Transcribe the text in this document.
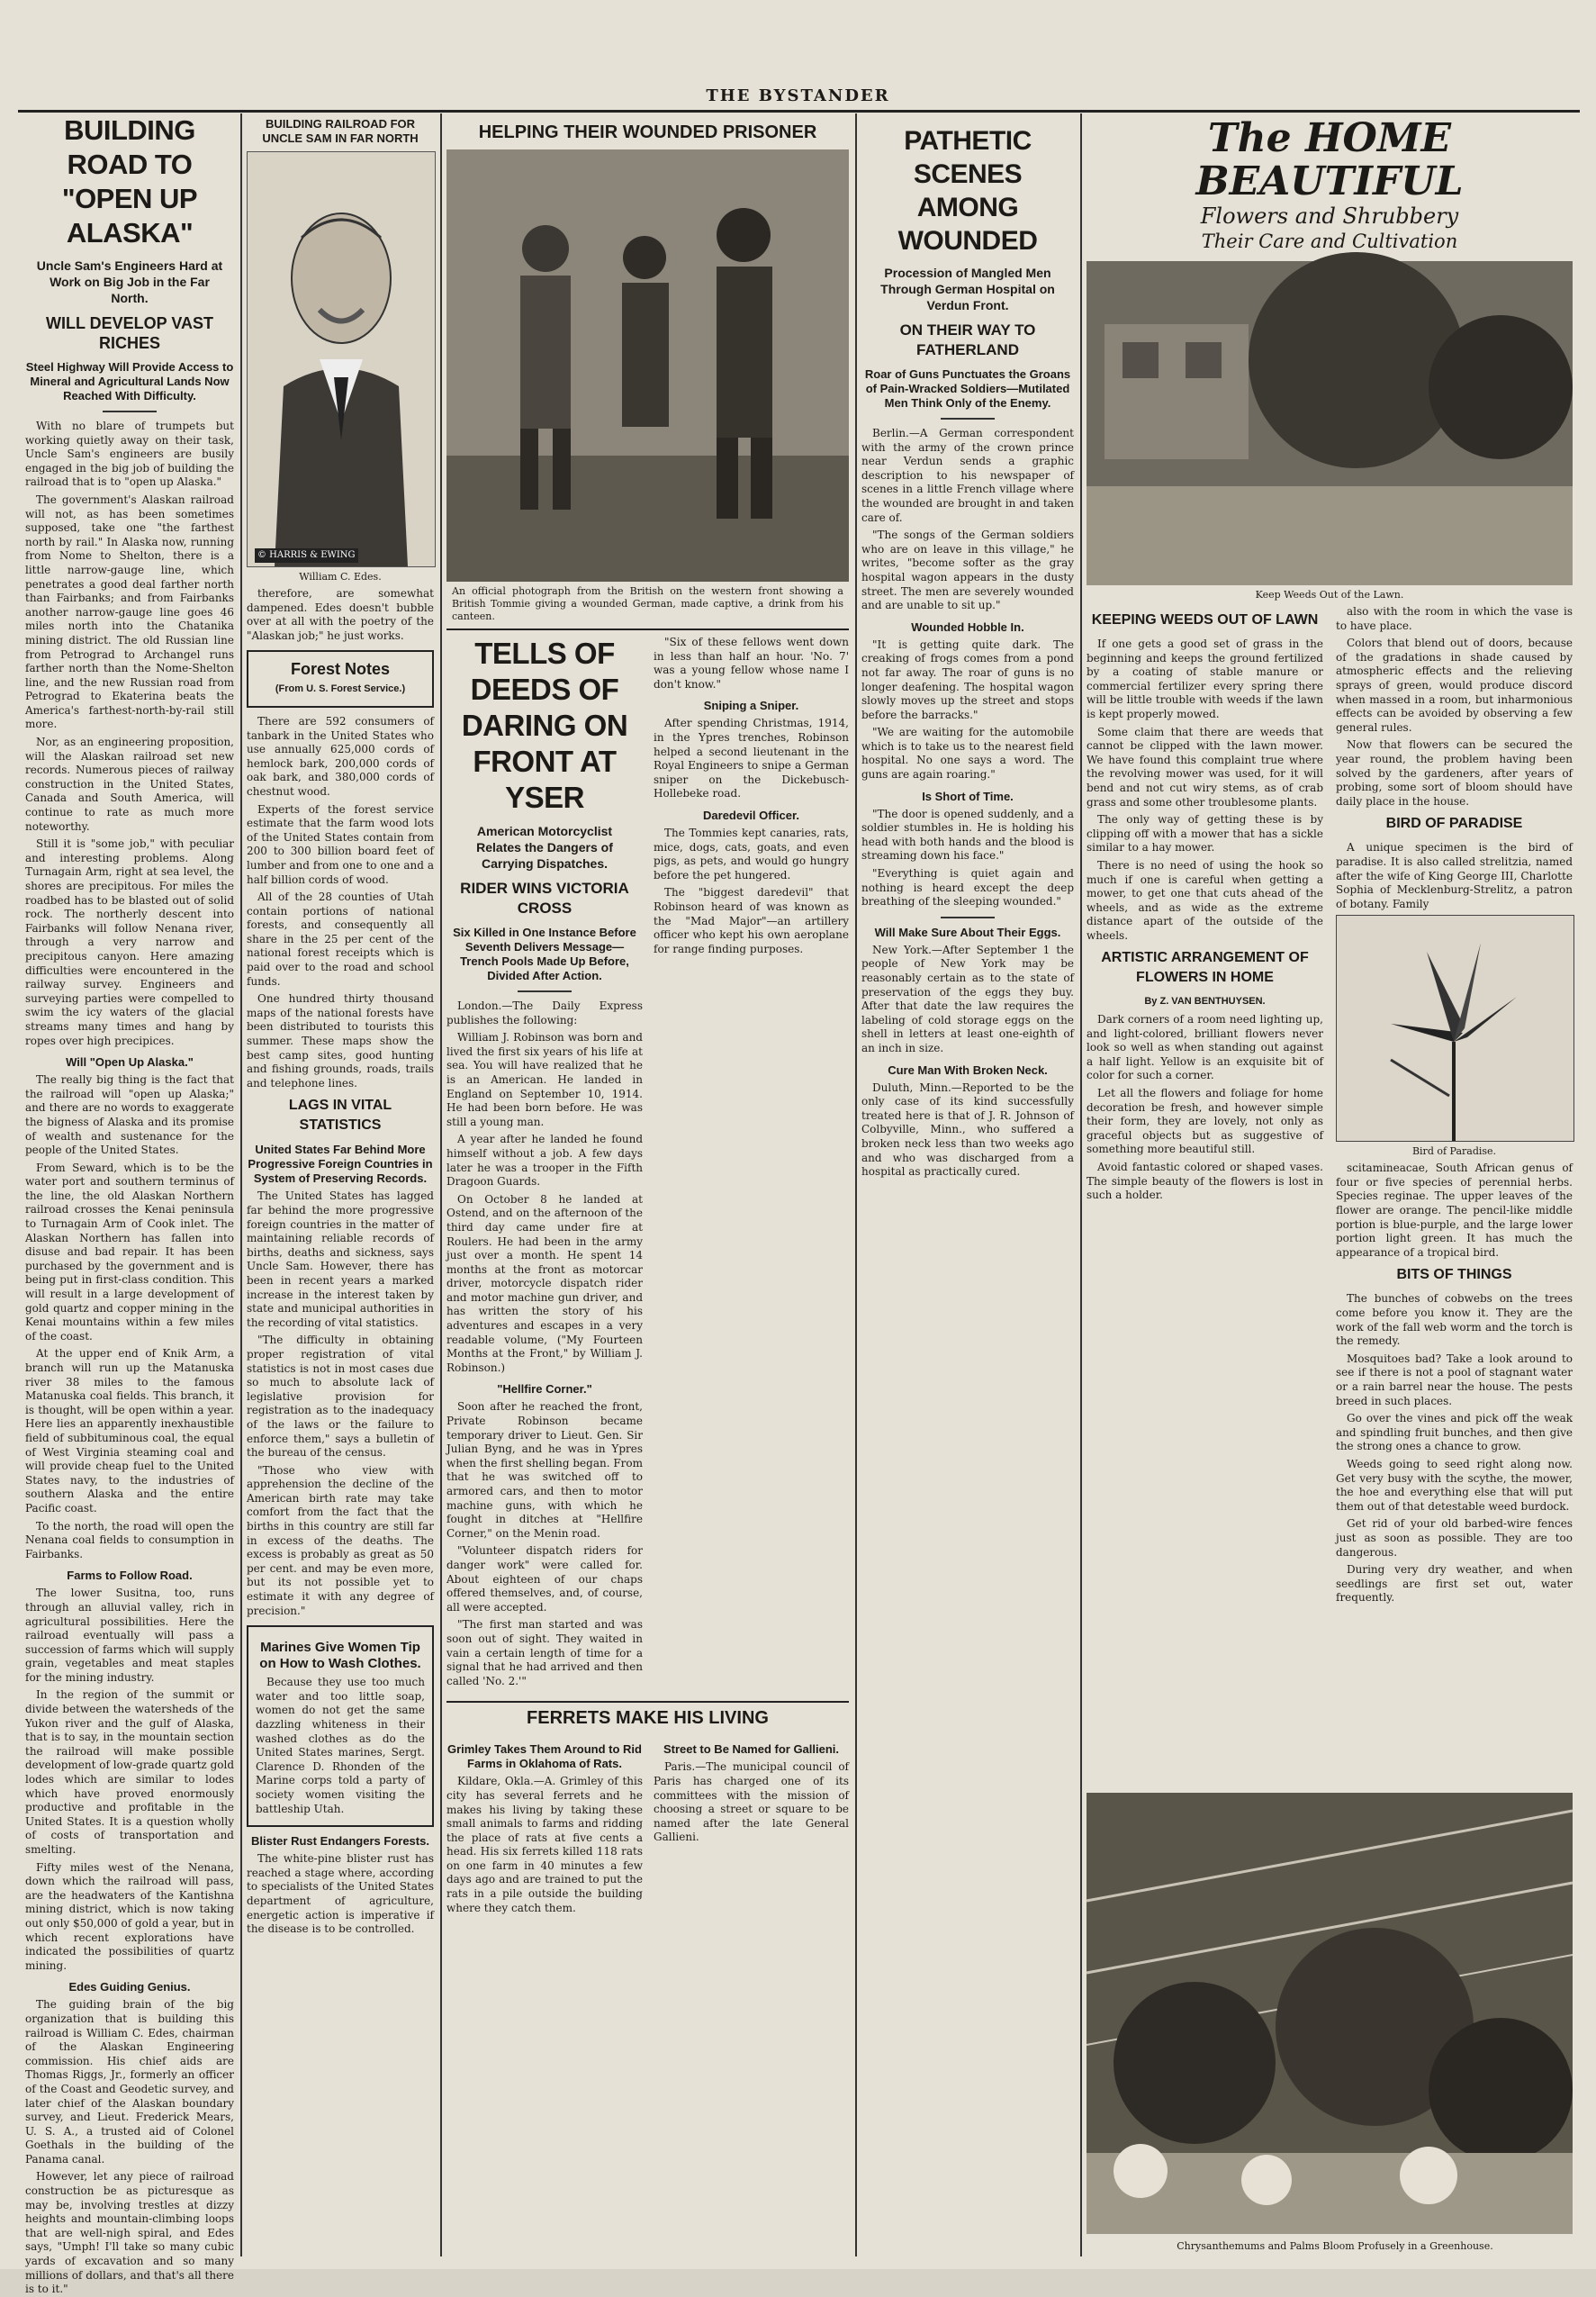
THE BYSTANDER
BUILDING ROAD TO "OPEN UP ALASKA"
Uncle Sam's Engineers Hard at Work on Big Job in the Far North.
WILL DEVELOP VAST RICHES
Steel Highway Will Provide Access to Mineral and Agricultural Lands Now Reached With Difficulty.

With no blare of trumpets but working quietly away on their task, Uncle Sam's engineers are busily engaged in the big job of building the railroad that is to "open up Alaska."

The government's Alaskan railroad will not, as has been sometimes supposed, take one "the farthest north by rail." In Alaska now, running from Nome to Shelton, there is a little narrow-gauge line, which penetrates a good deal farther north than Fairbanks; and from Fairbanks another narrow-gauge line goes 46 miles north into the Chatanika mining district. The old Russian line from Petrograd to Archangel runs farther north than the Nome-Shelton line, and the new Russian road from Petrograd to Ekaterina beats the America's farthest-north-by-rail still more.

Nor, as an engineering proposition, will the Alaskan railroad set new records. Numerous pieces of railway construction in the United States, Canada and South America, will continue to rate as much more noteworthy.

Still it is "some job," with peculiar and interesting problems. Along Turnagain Arm, right at sea level, the shores are precipitous. For miles the roadbed has to be blasted out of solid rock. The northerly descent into Fairbanks will follow Nenana river, through a very narrow and precipitous canyon. Here amazing difficulties were encountered in the railway survey. Engineers and surveying parties were compelled to swim the icy waters of the glacial streams many times and hang by ropes over high precipices.

Will "Open Up Alaska."

The really big thing is the fact that the railroad will "open up Alaska;" and there are no words to exaggerate the bigness of Alaska and its promise of wealth and sustenance for the people of the United States.

From Seward, which is to be the water port and southern terminus of the line, the old Alaskan Northern railroad crosses the Kenai peninsula to Turnagain Arm of Cook inlet. The Alaskan Northern has fallen into disuse and bad repair. It has been purchased by the government and is being put in first-class condition. This will result in a large development of gold quartz and copper mining in the Kenai mountains within a few miles of the coast.

At the upper end of Knik Arm, a branch will run up the Matanuska river 38 miles to the famous Matanuska coal fields. This branch, it is thought, will be open within a year. Here lies an apparently inexhaustible field of subbituminous coal, the equal of West Virginia steaming coal and will provide cheap fuel to the United States navy, to the industries of southern Alaska and the entire Pacific coast.

To the north, the road will open the Nenana coal fields to consumption in Fairbanks.

Farms to Follow Road.

The lower Susitna, too, runs through an alluvial valley, rich in agricultural possibilities. Here the railroad eventually will pass a succession of farms which will supply grain, vegetables and meat staples for the mining industry.

In the region of the summit or divide between the watersheds of the Yukon river and the gulf of Alaska, that is to say, in the mountain section the railroad will make possible development of low-grade quartz gold lodes which are similar to lodes which have proved enormously productive and profitable in the United States. It is a question wholly of costs of transportation and smelting.

Fifty miles west of the Nenana, down which the railroad will pass, are the headwaters of the Kantishna mining district, which is now taking out only $50,000 of gold a year, but in which recent explorations have indicated the possibilities of quartz mining.

Edes Guiding Genius.

The guiding brain of the big organization that is building this railroad is William C. Edes, chairman of the Alaskan Engineering commission. His chief aids are Thomas Riggs, Jr., formerly an officer of the Coast and Geodetic survey, and later chief of the Alaskan boundary survey, and Lieut. Frederick Mears, U. S. A., a trusted aid of Colonel Goethals in the building of the Panama canal.

However, let any piece of railroad construction be as picturesque as may be, involving trestles at dizzy heights and mountain-climbing loops that are well-nigh spiral, and Edes says, "Umph! I'll take so many cubic yards of excavation and so many millions of dollars, and that's all there is to it."

BUILDING RAILROAD FOR UNCLE SAM IN FAR NORTH
© HARRIS & EWING
William C. Edes.

therefore, are somewhat dampened. Edes doesn't bubble over at all with the poetry of the "Alaskan job;" he just works.

Forest Notes
(From U. S. Forest Service.)

There are 592 consumers of tanbark in the United States who use annually 625,000 cords of hemlock bark, 200,000 cords of oak bark, and 380,000 cords of chestnut wood.

Experts of the forest service estimate that the farm wood lots of the United States contain from 200 to 300 billion board feet of lumber and from one to one and a half billion cords of wood.

All of the 28 counties of Utah contain portions of national forests, and consequently all share in the 25 per cent of the national forest receipts which is paid over to the road and school funds.

One hundred thirty thousand maps of the national forests have been distributed to tourists this summer. These maps show the best camp sites, good hunting and fishing grounds, roads, trails and telephone lines.

LAGS IN VITAL STATISTICS
United States Far Behind More Progressive Foreign Countries in System of Preserving Records.

The United States has lagged far behind the more progressive foreign countries in the matter of maintaining reliable records of births, deaths and sickness, says Uncle Sam. However, there has been in recent years a marked increase in the interest taken by state and municipal authorities in the recording of vital statistics.

"The difficulty in obtaining proper registration of vital statistics is not in most cases due so much to absolute lack of legislative provision for registration as to the inadequacy of the laws or the failure to enforce them," says a bulletin of the bureau of the census.

"Those who view with apprehension the decline of the American birth rate may take comfort from the fact that the births in this country are still far in excess of the deaths. The excess is probably as great as 50 per cent. and may be even more, but its not possible yet to estimate it with any degree of precision."

Marines Give Women Tip on How to Wash Clothes.

Because they use too much water and too little soap, women do not get the same dazzling whiteness in their washed clothes as do the United States marines, Sergt. Clarence D. Rhonden of the Marine corps told a party of society women visiting the battleship Utah.

Blister Rust Endangers Forests.

The white-pine blister rust has reached a stage where, according to specialists of the United States department of agriculture, energetic action is imperative if the disease is to be controlled.

HELPING THEIR WOUNDED PRISONER
An official photograph from the British on the western front showing a British Tommie giving a wounded German, made captive, a drink from his canteen.
TELLS OF DEEDS OF DARING ON FRONT AT YSER
American Motorcyclist Relates the Dangers of Carrying Dispatches.
RIDER WINS VICTORIA CROSS
Six Killed in One Instance Before Seventh Delivers Message—Trench Pools Made Up Before, Divided After Action.

London.—The Daily Express publishes the following:

William J. Robinson was born and lived the first six years of his life at sea. You will have realized that he is an American. He landed in England on September 10, 1914. He had been born before. He was still a young man.

A year after he landed he found himself without a job. A few days later he was a trooper in the Fifth Dragoon Guards.

On October 8 he landed at Ostend, and on the afternoon of the third day came under fire at Roulers. He had been in the army just over a month. He spent 14 months at the front as motorcar driver, motorcycle dispatch rider and motor machine gun driver, and has written the story of his adventures and escapes in a very readable volume, ("My Fourteen Months at the Front," by William J. Robinson.)

"Hellfire Corner."

Soon after he reached the front, Private Robinson became temporary driver to Lieut. Gen. Sir Julian Byng, and he was in Ypres when the first shelling began. From that he was switched off to armored cars, and then to motor machine guns, with which he fought in ditches at "Hellfire Corner," on the Menin road.

"Volunteer dispatch riders for danger work" were called for. About eighteen of our chaps offered themselves, and, of course, all were accepted.

"The first man started and was soon out of sight. They waited in vain a certain length of time for a signal that he had arrived and then called 'No. 2.'"

"Six of these fellows went down in less than half an hour. 'No. 7' was a young fellow whose name I don't know."

Sniping a Sniper.

After spending Christmas, 1914, in the Ypres trenches, Robinson helped a second lieutenant in the Royal Engineers to snipe a German sniper on the Dickebusch-Hollebeke road.

Daredevil Officer.

The Tommies kept canaries, rats, mice, dogs, cats, goats, and even pigs, as pets, and would go hungry before the pet hungered.

The "biggest daredevil" that Robinson heard of was known as the "Mad Major"—an artillery officer who kept his own aeroplane for range finding purposes.

FERRETS MAKE HIS LIVING
Grimley Takes Them Around to Rid Farms in Oklahoma of Rats.

Kildare, Okla.—A. Grimley of this city has several ferrets and he makes his living by taking these small animals to farms and ridding the place of rats at five cents a head. His six ferrets killed 118 rats on one farm in 40 minutes a few days ago and are trained to put the rats in a pile outside the building where they catch them.

Street to Be Named for Gallieni.

Paris.—The municipal council of Paris has charged one of its committees with the mission of choosing a street or square to be named after the late General Gallieni.

PATHETIC SCENES AMONG WOUNDED
Procession of Mangled Men Through German Hospital on Verdun Front.
ON THEIR WAY TO FATHERLAND
Roar of Guns Punctuates the Groans of Pain-Wracked Soldiers—Mutilated Men Think Only of the Enemy.

Berlin.—A German correspondent with the army of the crown prince near Verdun sends a graphic description to his newspaper of scenes in a little French village where the wounded are brought in and taken care of.

"The songs of the German soldiers who are on leave in this village," he writes, "become softer as the gray hospital wagon appears in the dusty street. The men are severely wounded and are unable to sit up."

Wounded Hobble In.

"It is getting quite dark. The creaking of frogs comes from a pond not far away. The roar of guns is no longer deafening. The hospital wagon slowly moves up the street and stops before the barracks."

"We are waiting for the automobile which is to take us to the nearest field hospital. No one says a word. The guns are again roaring."

Is Short of Time.

"The door is opened suddenly, and a soldier stumbles in. He is holding his head with both hands and the blood is streaming down his face."

"Everything is quiet again and nothing is heard except the deep breathing of the sleeping wounded."

Will Make Sure About Their Eggs.

New York.—After September 1 the people of New York may be reasonably certain as to the state of preservation of the eggs they buy. After that date the law requires the labeling of cold storage eggs on the shell in letters at least one-eighth of an inch in size.

Cure Man With Broken Neck.

Duluth, Minn.—Reported to be the only case of its kind successfully treated here is that of J. R. Johnson of Colbyville, Minn., who suffered a broken neck less than two weeks ago and who was discharged from a hospital as practically cured.

The HOME BEAUTIFUL
Flowers and Shrubbery
Their Care and Cultivation
Keep Weeds Out of the Lawn.
KEEPING WEEDS OUT OF LAWN

If one gets a good set of grass in the beginning and keeps the ground fertilized by a coating of stable manure or commercial fertilizer every spring there will be little trouble with weeds if the lawn is kept properly mowed.

Some claim that there are weeds that cannot be clipped with the lawn mower. We have found this complaint true where the revolving mower was used, for it will bend and not cut wiry stems, as of crab grass and some other troublesome plants.

The only way of getting these is by clipping off with a mower that has a sickle similar to a hay mower.

There is no need of using the hook so much if one is careful when getting a mower, to get one that cuts ahead of the wheels, and as wide as the extreme distance apart of the outside of the wheels.

ARTISTIC ARRANGEMENT OF FLOWERS IN HOME
By Z. VAN BENTHUYSEN.

Dark corners of a room need lighting up, and light-colored, brilliant flowers never look so well as when standing out against a half light. Yellow is an exquisite bit of color for such a corner.

Let all the flowers and foliage for home decoration be fresh, and however simple their form, they are lovely, not only as graceful objects but as suggestive of something more beautiful still.

Avoid fantastic colored or shaped vases. The simple beauty of the flowers is lost in such a holder.

also with the room in which the vase is to have place.

Colors that blend out of doors, because of the gradations in shade caused by atmospheric effects and the relieving sprays of green, would produce discord when massed in a room, but inharmonious effects can be avoided by observing a few general rules.

Now that flowers can be secured the year round, the problem having been solved by the gardeners, after years of probing, some sort of bloom should have daily place in the house.

BIRD OF PARADISE

A unique specimen is the bird of paradise. It is also called strelitzia, named after the wife of King George III, Charlotte Sophia of Mecklenburg-Strelitz, a patron of botany. Family

Bird of Paradise.

scitamineacae, South African genus of four or five species of perennial herbs. Species reginae. The upper leaves of the flower are orange. The pencil-like middle portion is blue-purple, and the large lower portion light green. It has much the appearance of a tropical bird.

BITS OF THINGS

The bunches of cobwebs on the trees come before you know it. They are the work of the fall web worm and the torch is the remedy.

Mosquitoes bad? Take a look around to see if there is not a pool of stagnant water or a rain barrel near the house. The pests breed in such places.

Go over the vines and pick off the weak and spindling fruit bunches, and then give the strong ones a chance to grow.

Weeds going to seed right along now. Get very busy with the scythe, the mower, the hoe and everything else that will put them out of that detestable weed burdock.

Get rid of your old barbed-wire fences just as soon as possible. They are too dangerous.

During very dry weather, and when seedlings are first set out, water frequently.

Chrysanthemums and Palms Bloom Profusely in a Greenhouse.
